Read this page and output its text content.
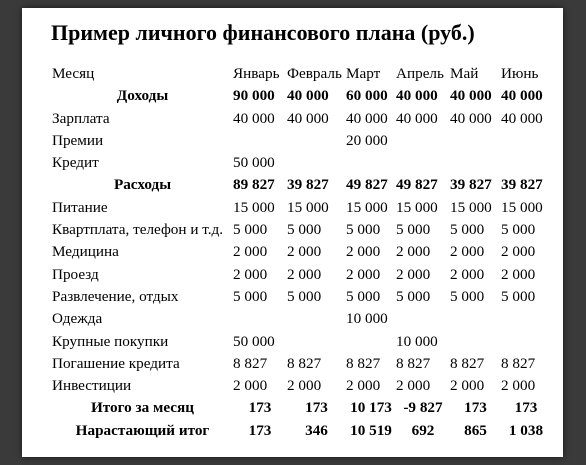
Пример личного финансового плана (руб.)
Месяц	Январь	Февраль	Март	Апрель	Май	Июнь
Доходы	90 000	40 000	60 000	40 000	40 000	40 000
Зарплата	40 000	40 000	40 000	40 000	40 000	40 000
Премии			20 000			
Кредит	50 000					
Расходы	89 827	39 827	49 827	49 827	39 827	39 827
Питание	15 000	15 000	15 000	15 000	15 000	15 000
Квартплата, телефон и т.д.	5 000	5 000	5 000	5 000	5 000	5 000
Медицина	2 000	2 000	2 000	2 000	2 000	2 000
Проезд	2 000	2 000	2 000	2 000	2 000	2 000
Развлечение, отдых	5 000	5 000	5 000	5 000	5 000	5 000
Одежда			10 000			
Крупные покупки	50 000			10 000		
Погашение кредита	8 827	8 827	8 827	8 827	8 827	8 827
Инвестиции	2 000	2 000	2 000	2 000	2 000	2 000
Итого за месяц	173	173	10 173	-9 827	173	173
Нарастающий итог	173	346	10 519	692	865	1 038
